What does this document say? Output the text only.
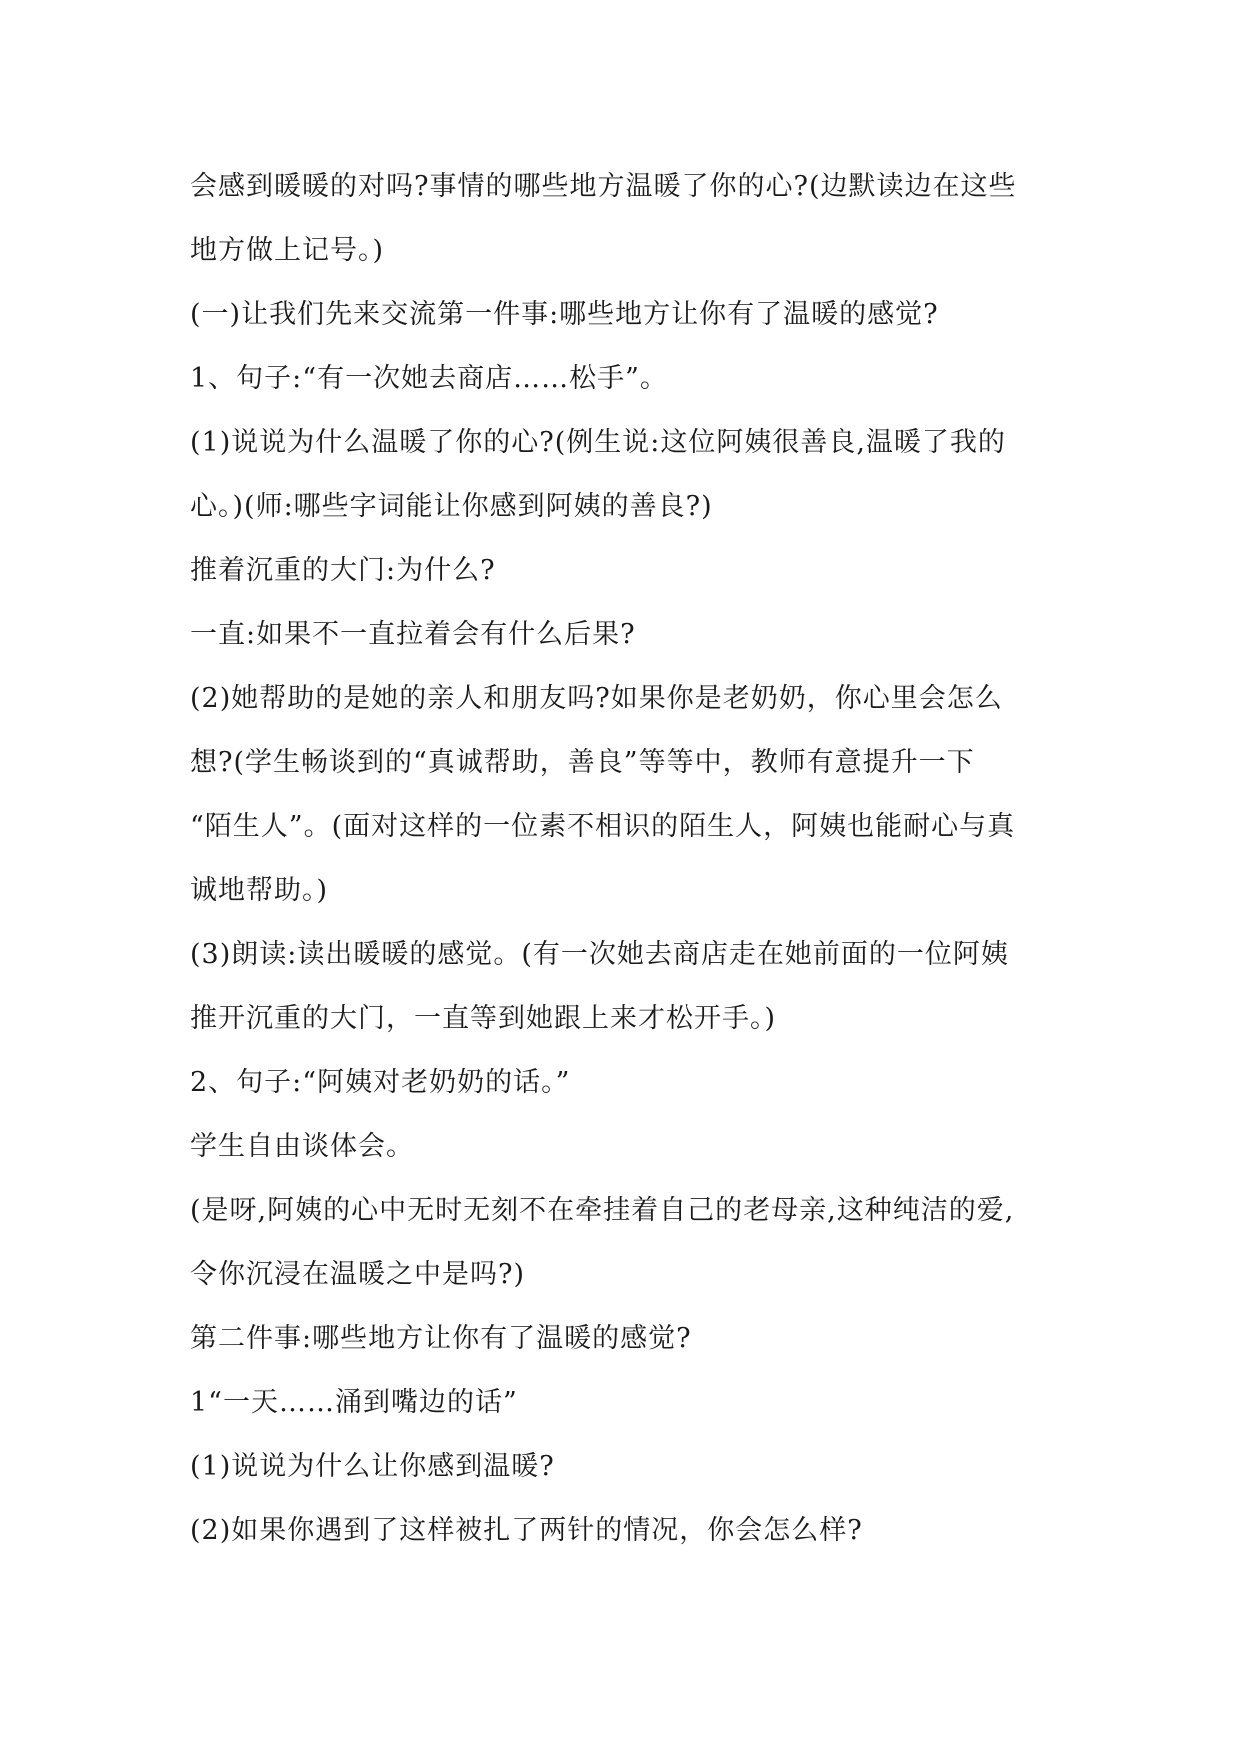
会感到暖暖的对吗?事情的哪些地方温暖了你的心?(边默读边在这些
地方做上记号。)
(一)让我们先来交流第一件事:哪些地方让你有了温暖的感觉?
1、句子:“有一次她去商店……松手”。
(1)说说为什么温暖了你的心?(例生说:这位阿姨很善良,温暖了我的
心。)(师:哪些字词能让你感到阿姨的善良?)
推着沉重的大门:为什么?
一直:如果不一直拉着会有什么后果?
(2)她帮助的是她的亲人和朋友吗?如果你是老奶奶，你心里会怎么
想?(学生畅谈到的“真诚帮助，善良”等等中，教师有意提升一下
“陌生人”。(面对这样的一位素不相识的陌生人，阿姨也能耐心与真
诚地帮助。)
(3)朗读:读出暖暖的感觉。(有一次她去商店走在她前面的一位阿姨
推开沉重的大门，一直等到她跟上来才松开手。)
2、句子:“阿姨对老奶奶的话。”
学生自由谈体会。
(是呀,阿姨的心中无时无刻不在牵挂着自己的老母亲,这种纯洁的爱,
令你沉浸在温暖之中是吗?)
第二件事:哪些地方让你有了温暖的感觉?
1“一天……涌到嘴边的话”
(1)说说为什么让你感到温暖?
(2)如果你遇到了这样被扎了两针的情况，你会怎么样?
